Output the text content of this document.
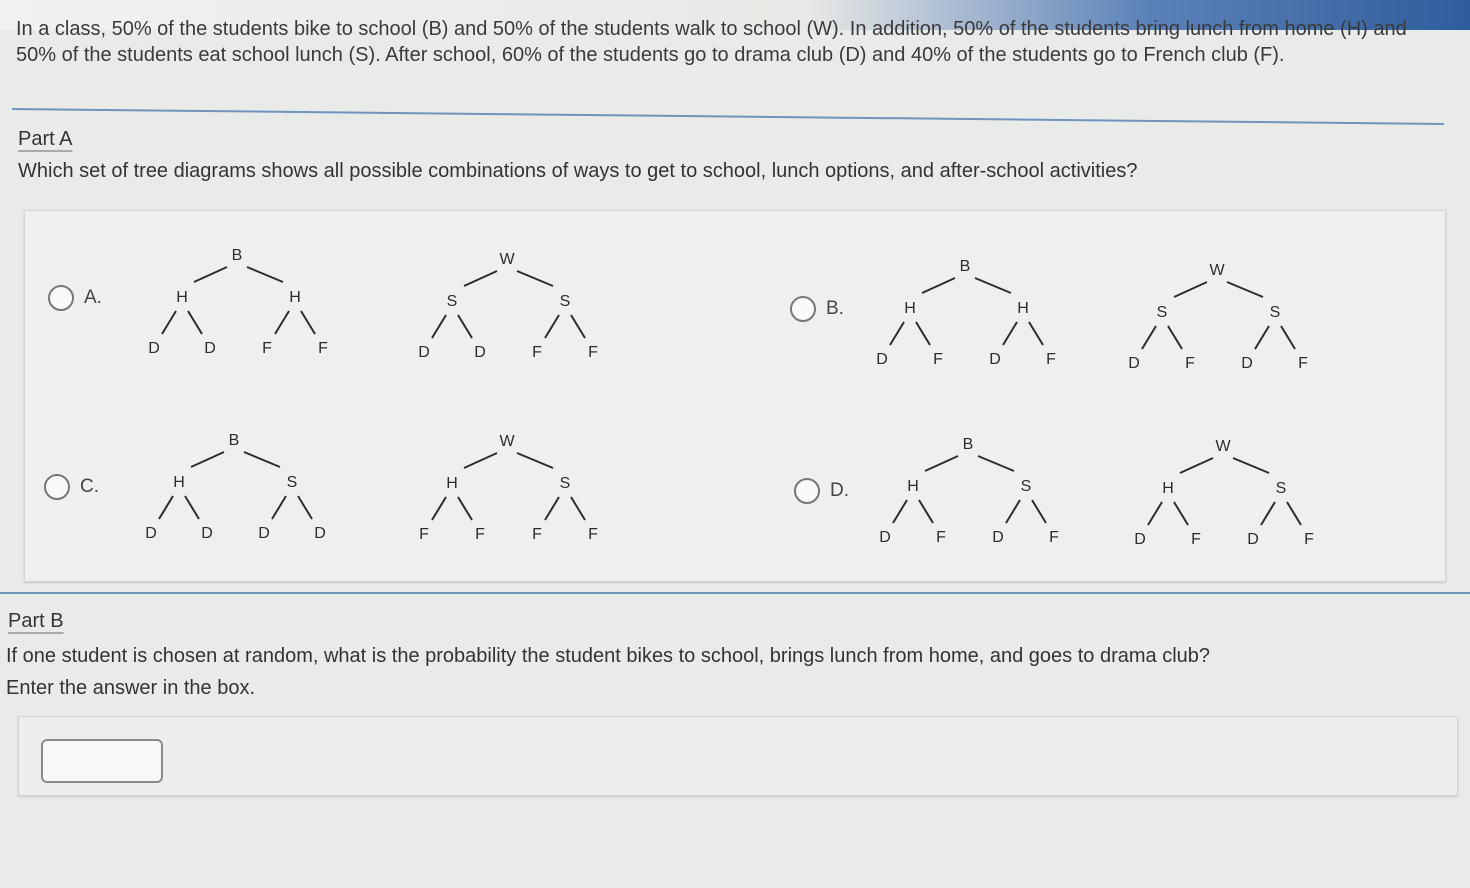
In a class, 50% of the students bike to school (B) and 50% of the students walk to school (W). In addition, 50% of the students bring lunch from home (H) and 50% of the students eat school lunch (S). After school, 60% of the students go to drama club (D) and 40% of the students go to French club (F).
Part A
Which set of tree diagrams shows all possible combinations of ways to get to school, lunch options, and after-school activities?
A.
B.
C.	D.
B
H
D	D
H
F	F
W
S
D	D
S
F	F
B
H
D	F
H
D	F
W
S
D	F
S
D	F
B
H
D	D
S
D	D
W
H
F	F
S
F	F
B
H
D	F
S
D	F
W
H
D	F
S
D	F
Part B
If one student is chosen at random, what is the probability the student bikes to school, brings lunch from home, and goes to drama club?
Enter the answer in the box.
